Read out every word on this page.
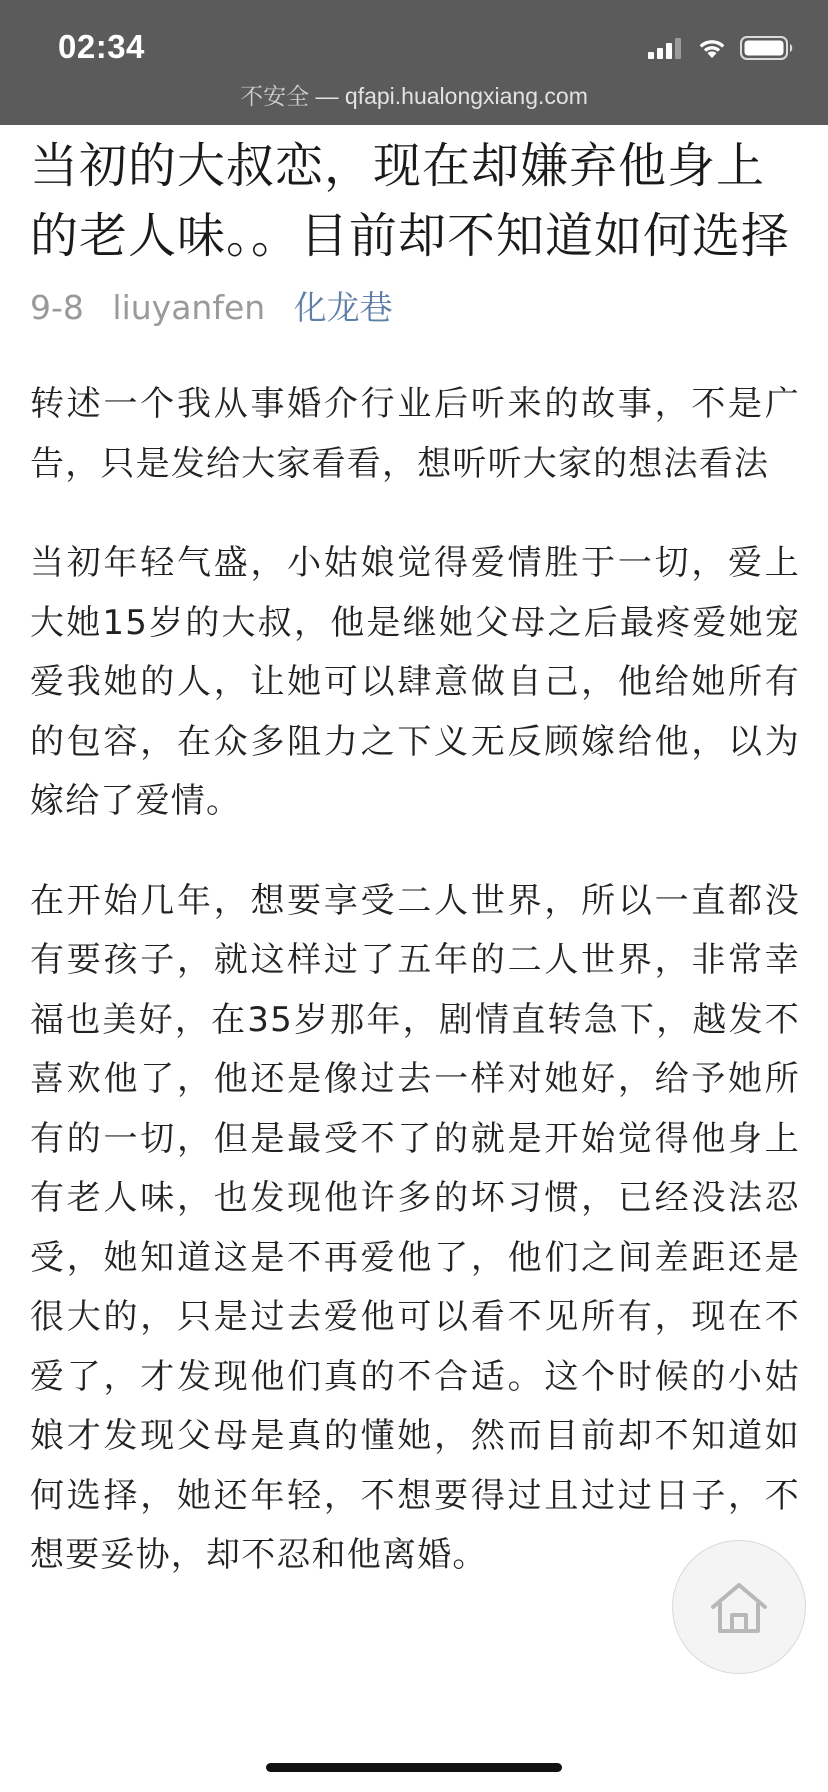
02:34
不安全 — qfapi.hualongxiang.com
当初的大叔恋，现在却嫌弃他身上的老人味。。目前却不知道如何选择
9-8 liuyanfen 化龙巷

转述一个我从事婚介行业后听来的故事，不是广告，只是发给大家看看，想听听大家的想法看法

当初年轻气盛，小姑娘觉得爱情胜于一切，爱上大她15岁的大叔，他是继她父母之后最疼爱她宠爱我她的人，让她可以肆意做自己，他给她所有的包容，在众多阻力之下义无反顾嫁给他，以为嫁给了爱情。

在开始几年，想要享受二人世界，所以一直都没有要孩子，就这样过了五年的二人世界，非常幸福也美好，在35岁那年，剧情直转急下，越发不喜欢他了，他还是像过去一样对她好，给予她所有的一切，但是最受不了的就是开始觉得他身上有老人味，也发现他许多的坏习惯，已经没法忍受，她知道这是不再爱他了，他们之间差距还是很大的，只是过去爱他可以看不见所有，现在不爱了，才发现他们真的不合适。这个时候的小姑娘才发现父母是真的懂她，然而目前却不知道如何选择，她还年轻，不想要得过且过过日子，不想要妥协，却不忍和他离婚。
